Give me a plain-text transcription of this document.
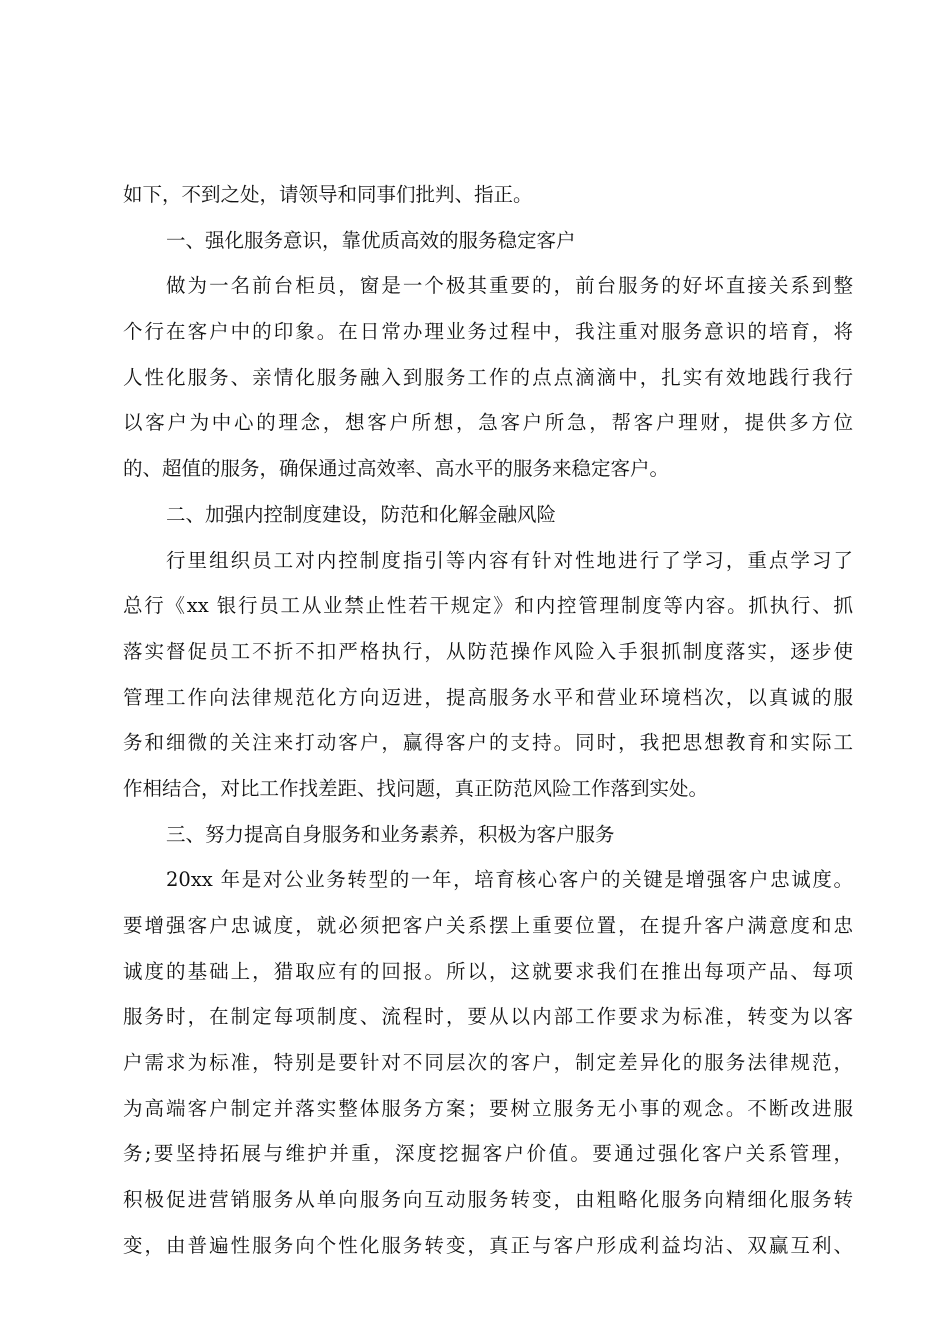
如下，不到之处，请领导和同事们批判、指正。
一、强化服务意识，靠优质高效的服务稳定客户
做为一名前台柜员，窗是一个极其重要的，前台服务的好坏直接关系到整
个行在客户中的印象。在日常办理业务过程中，我注重对服务意识的培育，将
人性化服务、亲情化服务融入到服务工作的点点滴滴中，扎实有效地践行我行
以客户为中心的理念，想客户所想，急客户所急，帮客户理财，提供多方位
的、超值的服务，确保通过高效率、高水平的服务来稳定客户。
二、加强内控制度建设，防范和化解金融风险
行里组织员工对内控制度指引等内容有针对性地进行了学习，重点学习了
总行《xx 银行员工从业禁止性若干规定》和内控管理制度等内容。抓执行、抓
落实督促员工不折不扣严格执行，从防范操作风险入手狠抓制度落实，逐步使
管理工作向法律规范化方向迈进，提高服务水平和营业环境档次，以真诚的服
务和细微的关注来打动客户，赢得客户的支持。同时，我把思想教育和实际工
作相结合，对比工作找差距、找问题，真正防范风险工作落到实处。
三、努力提高自身服务和业务素养，积极为客户服务
20xx 年是对公业务转型的一年，培育核心客户的关键是增强客户忠诚度。
要增强客户忠诚度，就必须把客户关系摆上重要位置，在提升客户满意度和忠
诚度的基础上，猎取应有的回报。所以，这就要求我们在推出每项产品、每项
服务时，在制定每项制度、流程时，要从以内部工作要求为标准，转变为以客
户需求为标准，特别是要针对不同层次的客户，制定差异化的服务法律规范，
为高端客户制定并落实整体服务方案；要树立服务无小事的观念。不断改进服
务;要坚持拓展与维护并重，深度挖掘客户价值。要通过强化客户关系管理，
积极促进营销服务从单向服务向互动服务转变，由粗略化服务向精细化服务转
变，由普遍性服务向个性化服务转变，真正与客户形成利益均沾、双赢互利、
